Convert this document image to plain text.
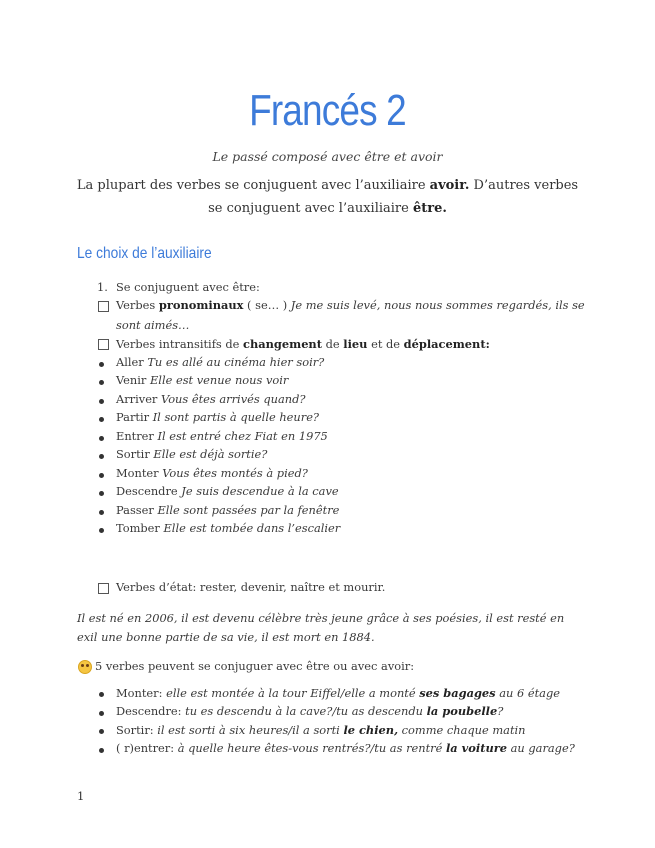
Francés 2
Le passé composé avec être et avoir
La plupart des verbes se conjuguent avec l’auxiliaire avoir. D’autres verbes se conjuguent avec l’auxiliaire être.
Le choix de l’auxiliaire
1. Se conjuguent avec être:
Verbes pronominaux ( se… ) Je me suis levé, nous nous sommes regardés, ils se
sont aimés…
Verbes intransitifs de changement de lieu et de déplacement:
Aller Tu es allé au cinéma hier soir?
Venir Elle est venue nous voir
Arriver Vous êtes arrivés quand?
Partir Il sont partis à quelle heure?
Entrer Il est entré chez Fiat en 1975
Sortir Elle est déjà sortie?
Monter Vous êtes montés à pied?
Descendre Je suis descendue à la cave
Passer Elle sont passées par la fenêtre
Tomber Elle est tombée dans l’escalier
Verbes d’état: rester, devenir, naître et mourir.
Il est né en 2006, il est devenu célèbre très jeune grâce à ses poésies, il est resté en exil une bonne partie de sa vie, il est mort en 1884.
5 verbes peuvent se conjuguer avec être ou avec avoir:
Monter: elle est montée à la tour Eiffel/elle a monté ses bagages au 6 étage
Descendre: tu es descendu à la cave?/tu as descendu la poubelle?
Sortir: il est sorti à six heures/il a sorti le chien, comme chaque matin
( r)entrer: à quelle heure êtes-vous rentrés?/tu as rentré la voiture au garage?
1
